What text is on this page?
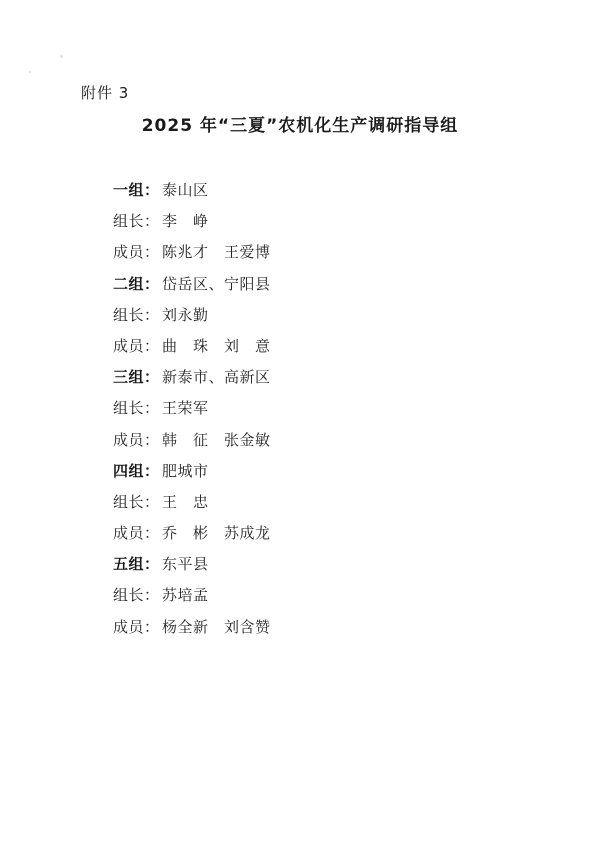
附件 3
2025 年“三夏”农机化生产调研指导组
一组： 泰山区
组长： 李　峥
成员： 陈兆才　王爱博
二组： 岱岳区、宁阳县
组长： 刘永勤
成员： 曲　珠　刘　意
三组： 新泰市、高新区
组长： 王荣军
成员： 韩　征　张金敏
四组： 肥城市
组长： 王　忠
成员： 乔　彬　苏成龙
五组： 东平县
组长： 苏培孟
成员： 杨全新　刘含赞
